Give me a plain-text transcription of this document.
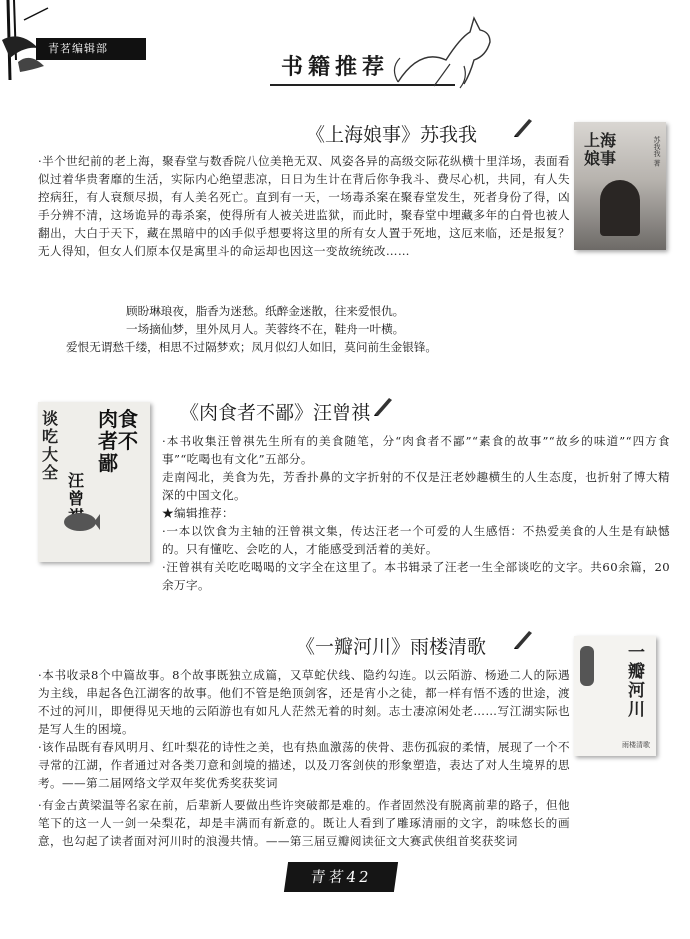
青茗编辑部
书籍推荐
《上海娘事》苏我我	上海娘事	苏我我 著
·半个世纪前的老上海，聚春堂与数香院八位美艳无双、风姿各异的高级交际花纵横十里洋场，表面看似过着华贵奢靡的生活，实际内心绝望悲凉，日日为生计在背后你争我斗、费尽心机，共同，有人失控病狂，有人衰颓尽损，有人美名死亡。直到有一天，一场毒杀案在聚春堂发生，死者身份了得，凶手分辨不清，这场诡异的毒杀案，使得所有人被关进监狱，而此时，聚春堂中埋藏多年的白骨也被人翻出，大白于天下，藏在黑暗中的凶手似乎想要将这里的所有女人置于死地，这厄来临，还是报复？无人得知，但女人们原本仅是寓里斗的命运却也因这一变故统统改……
顾盼琳琅夜，脂香为迷愁。纸醉金迷散，往来爱恨仇。
一场摘仙梦，里外凤月人。芙蓉终不在，鞋舟一叶横。
爱恨无谓愁千缕，相思不过隔梦欢；凤月似幻人如旧，莫问前生金银锋。
《肉食者不鄙》汪曾祺
谈吃大全
肉食者不鄙
汪曾
·本书收集汪曾祺先生所有的美食随笔，分“肉食者不鄙”“素食的故事”“故乡的味道”“四方食事”“吃喝也有文化”五部分。
走南闯北，美食为先，芳香扑鼻的文字折射的不仅是汪老妙趣横生的人生态度，也折射了博大精深的中国文化。
★编辑推荐：
·一本以饮食为主轴的汪曾祺文集，传达汪老一个可爱的人生感悟：不热爱美食的人生是有缺憾的。只有懂吃、会吃的人，才能感受到活着的美好。
·汪曾祺有关吃吃喝喝的文字全在这里了。本书辑录了汪老一生全部谈吃的文字。共60余篇，20余万字。
《一瓣河川》雨楼清歌	一瓣河川
雨楼清歌
·本书收录8个中篇故事。8个故事既独立成篇，又草蛇伏线、隐约勾连。以云陌游、杨逊二人的际遇为主线，串起各色江湖客的故事。他们不管是绝顶剑客，还是宵小之徒，都一样有悟不透的世途，渡不过的河川，即便得见天地的云陌游也有如凡人茫然无着的时刻。志士凄凉闲处老……写江湖实际也是写人生的困境。
·该作品既有春风明月、红叶梨花的诗性之美，也有热血激荡的侠骨、悲伤孤寂的柔情，展现了一个不寻常的江湖，作者通过对各类刀意和剑境的描述，以及刀客剑侠的形象塑造，表达了对人生境界的思考。——第二届网络文学双年奖优秀奖获奖词
·有金古黄梁温等名家在前，后辈新人要做出些许突破都是难的。作者固然没有脱离前辈的路子，但他笔下的这一人一剑一朵梨花，却是丰满而有新意的。既让人看到了雕琢清丽的文字，韵味悠长的画意，也勾起了读者面对河川时的浪漫共情。——第三届豆瓣阅读征文大赛武侠组首奖获奖词
青茗42
